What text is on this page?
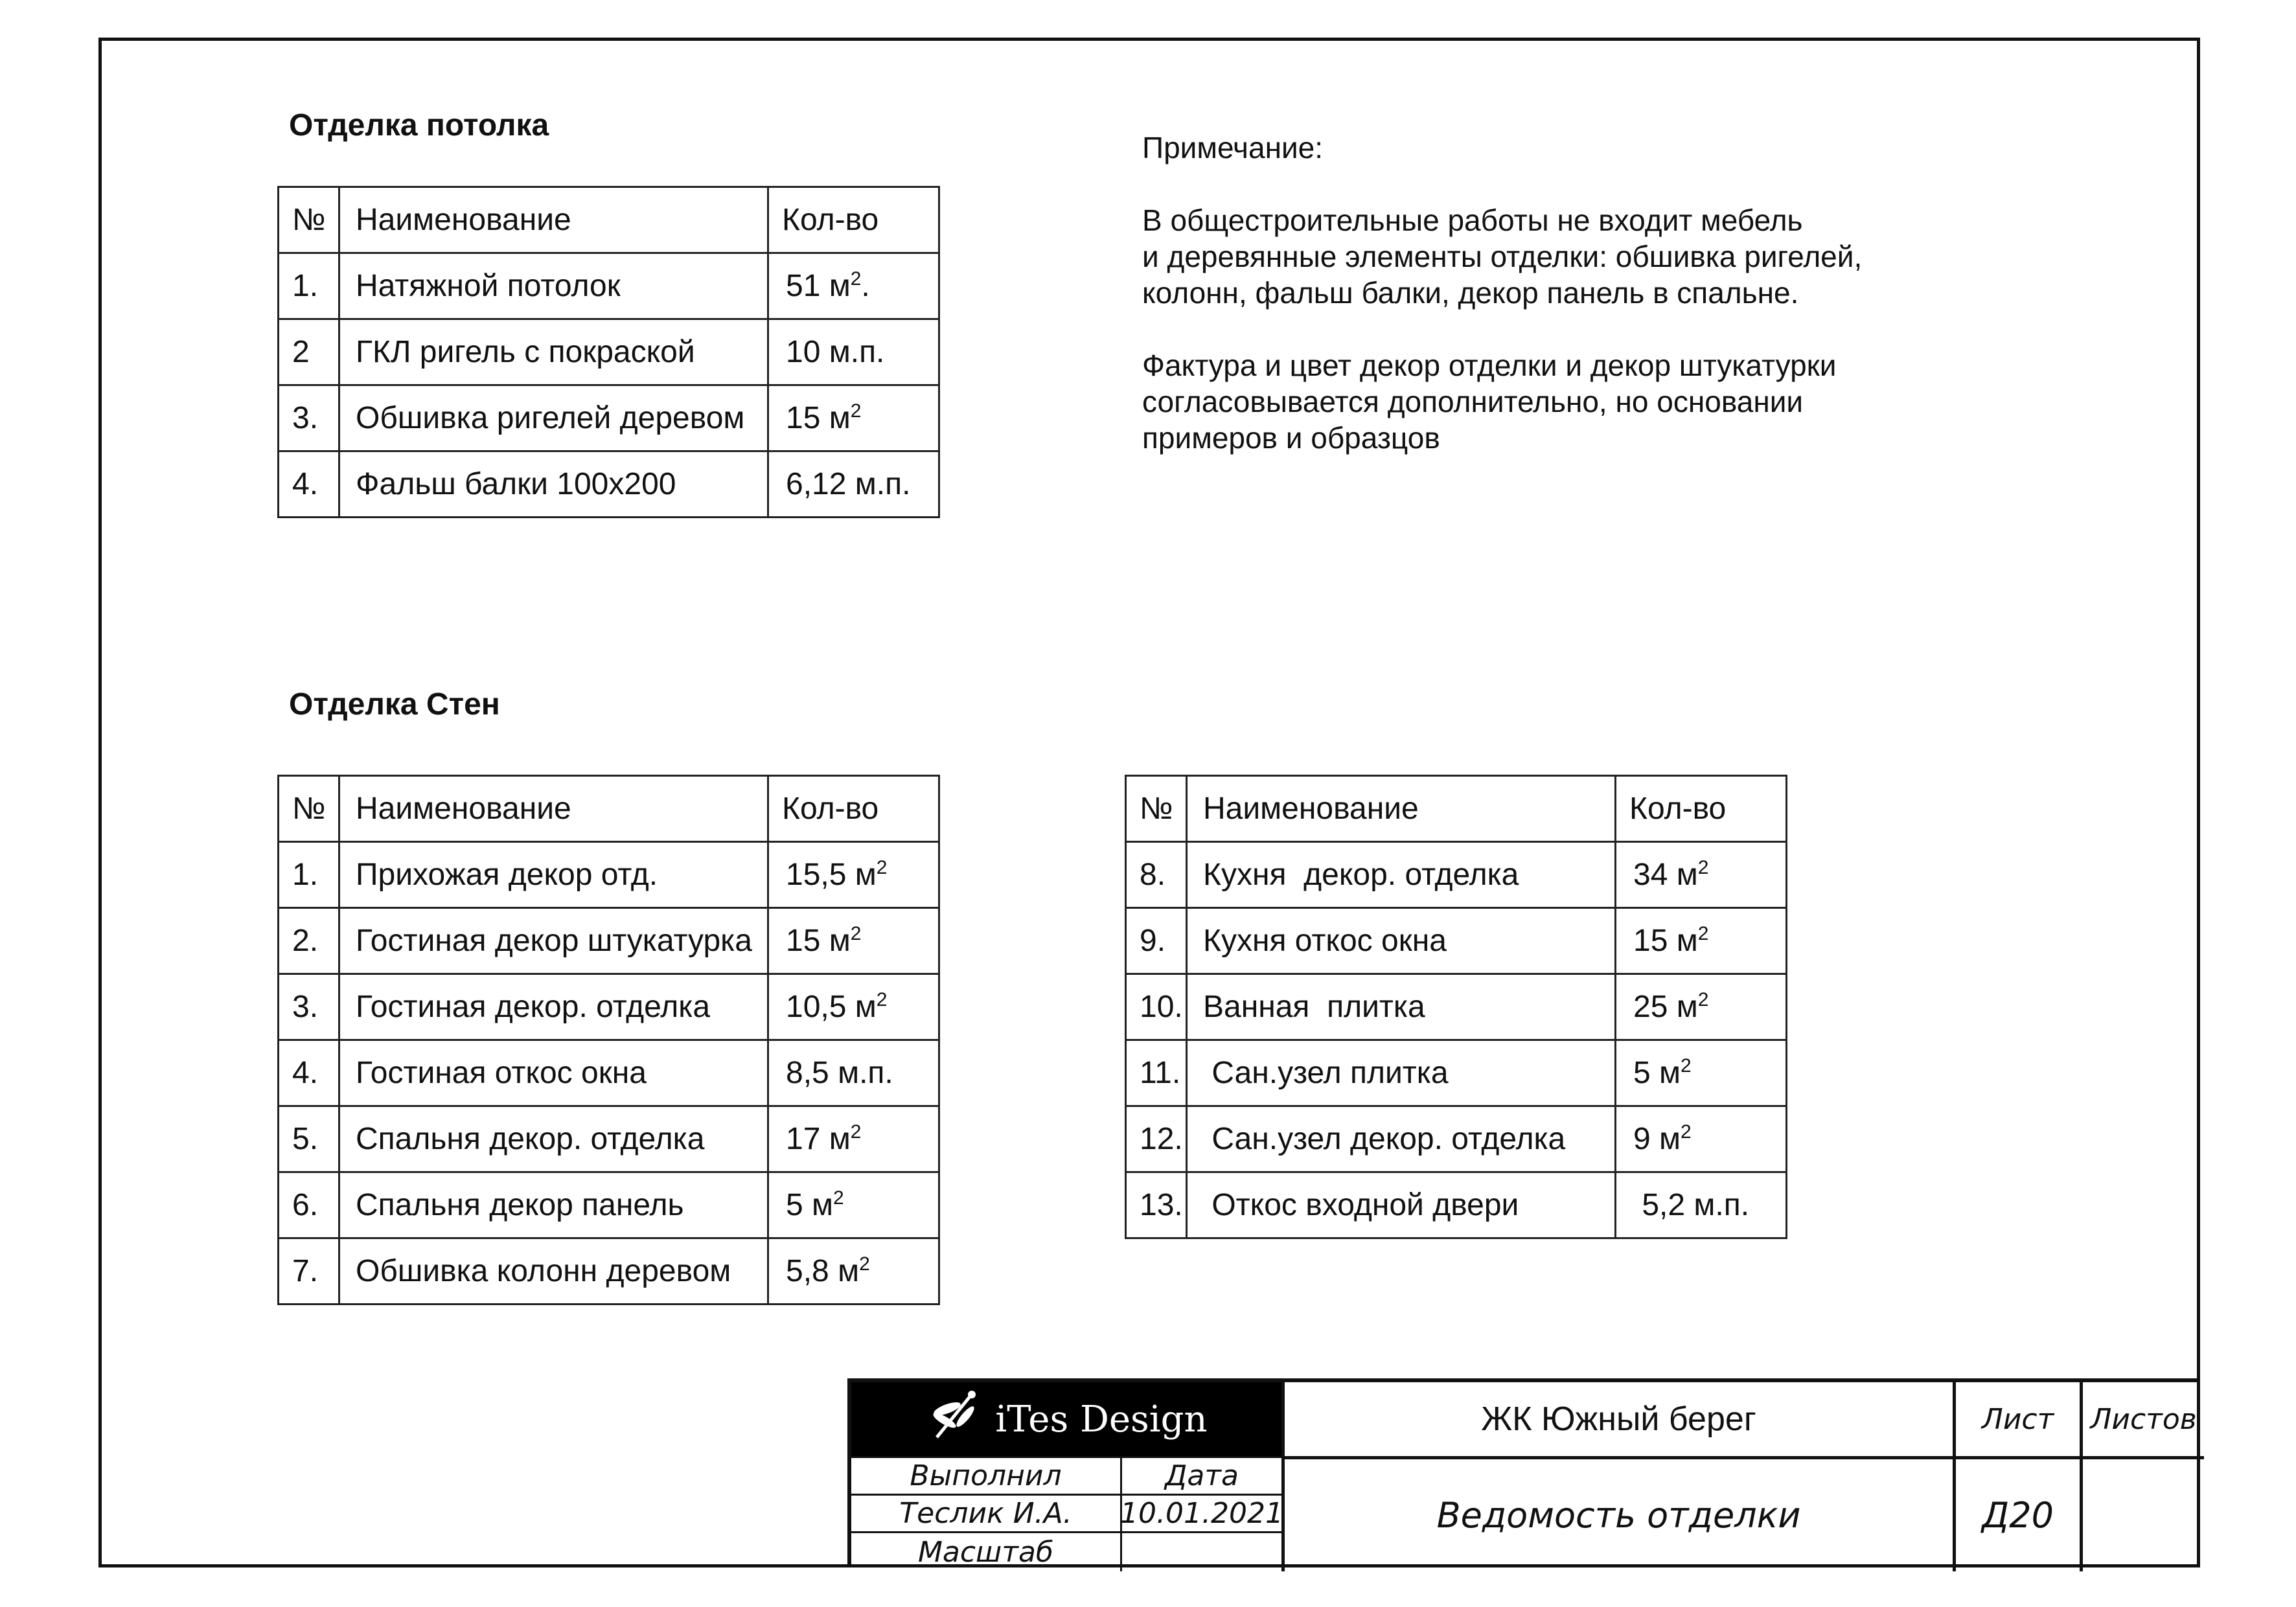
Отделка потолка
№	Наименование	Кол-во
1.	Натяжной потолок	51 $м^2$.
2	ГКЛ ригель с покраской	10 м.п.
3.	Обшивка ригелей деревом	15 $м^2$
4.	Фальш балки 100х200	6,12 м.п.

Примечание:

В общестроительные работы не входит мебель
и деревянные элементы отделки: обшивка ригелей,
колонн, фальш балки, декор панель в спальне.

Фактура и цвет декор отделки и декор штукатурки
согласовывается дополнительно, но основании
примеров и образцов

Отделка Стен
№	Наименование	Кол-во
1.	Прихожая декор отд.	15,5 $м^2$
2.	Гостиная декор штукатурка	15 $м^2$
3.	Гостиная декор. отделка	10,5 $м^2$
4.	Гостиная откос окна	8,5 м.п.
5.	Спальня декор. отделка	17 $м^2$
6.	Спальня декор панель	5 $м^2$
7.	Обшивка колонн деревом	5,8 $м^2$
№	Наименование	Кол-во
8.	Кухня  декор. отделка	34 $м^2$
9.	Кухня откос окна	15 $м^2$
10.	Ванная  плитка	25 $м^2$
11.	Сан.узел плитка	5 $м^2$
12.	Сан.узел декор. отделка	9 $м^2$
13.	Откос входной двери	5,2 м.п.
iTes Design
Выполнил	Дата
Теслик И.А.	10.01.2021
Масштаб
ЖК Южный берег	Лист	Листов
Ведомость отделки	Д20
